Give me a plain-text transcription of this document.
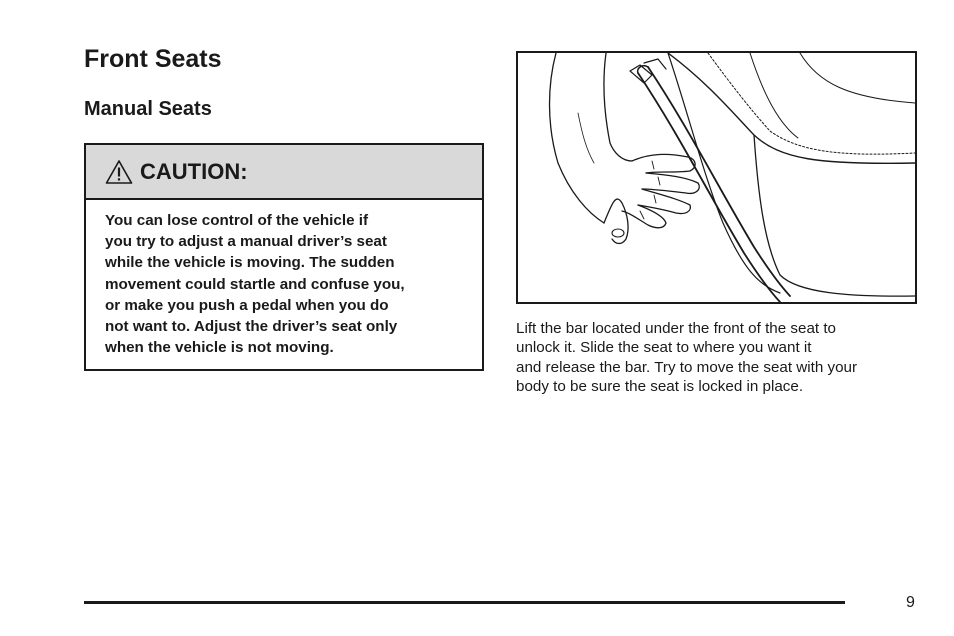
Front Seats
Manual Seats
CAUTION:
You can lose control of the vehicle if
you try to adjust a manual driver’s seat
while the vehicle is moving. The sudden
movement could startle and confuse you,
or make you push a pedal when you do
not want to. Adjust the driver’s seat only
when the vehicle is not moving.
Lift the bar located under the front of the seat to
unlock it. Slide the seat to where you want it
and release the bar. Try to move the seat with your
body to be sure the seat is locked in place.
9
